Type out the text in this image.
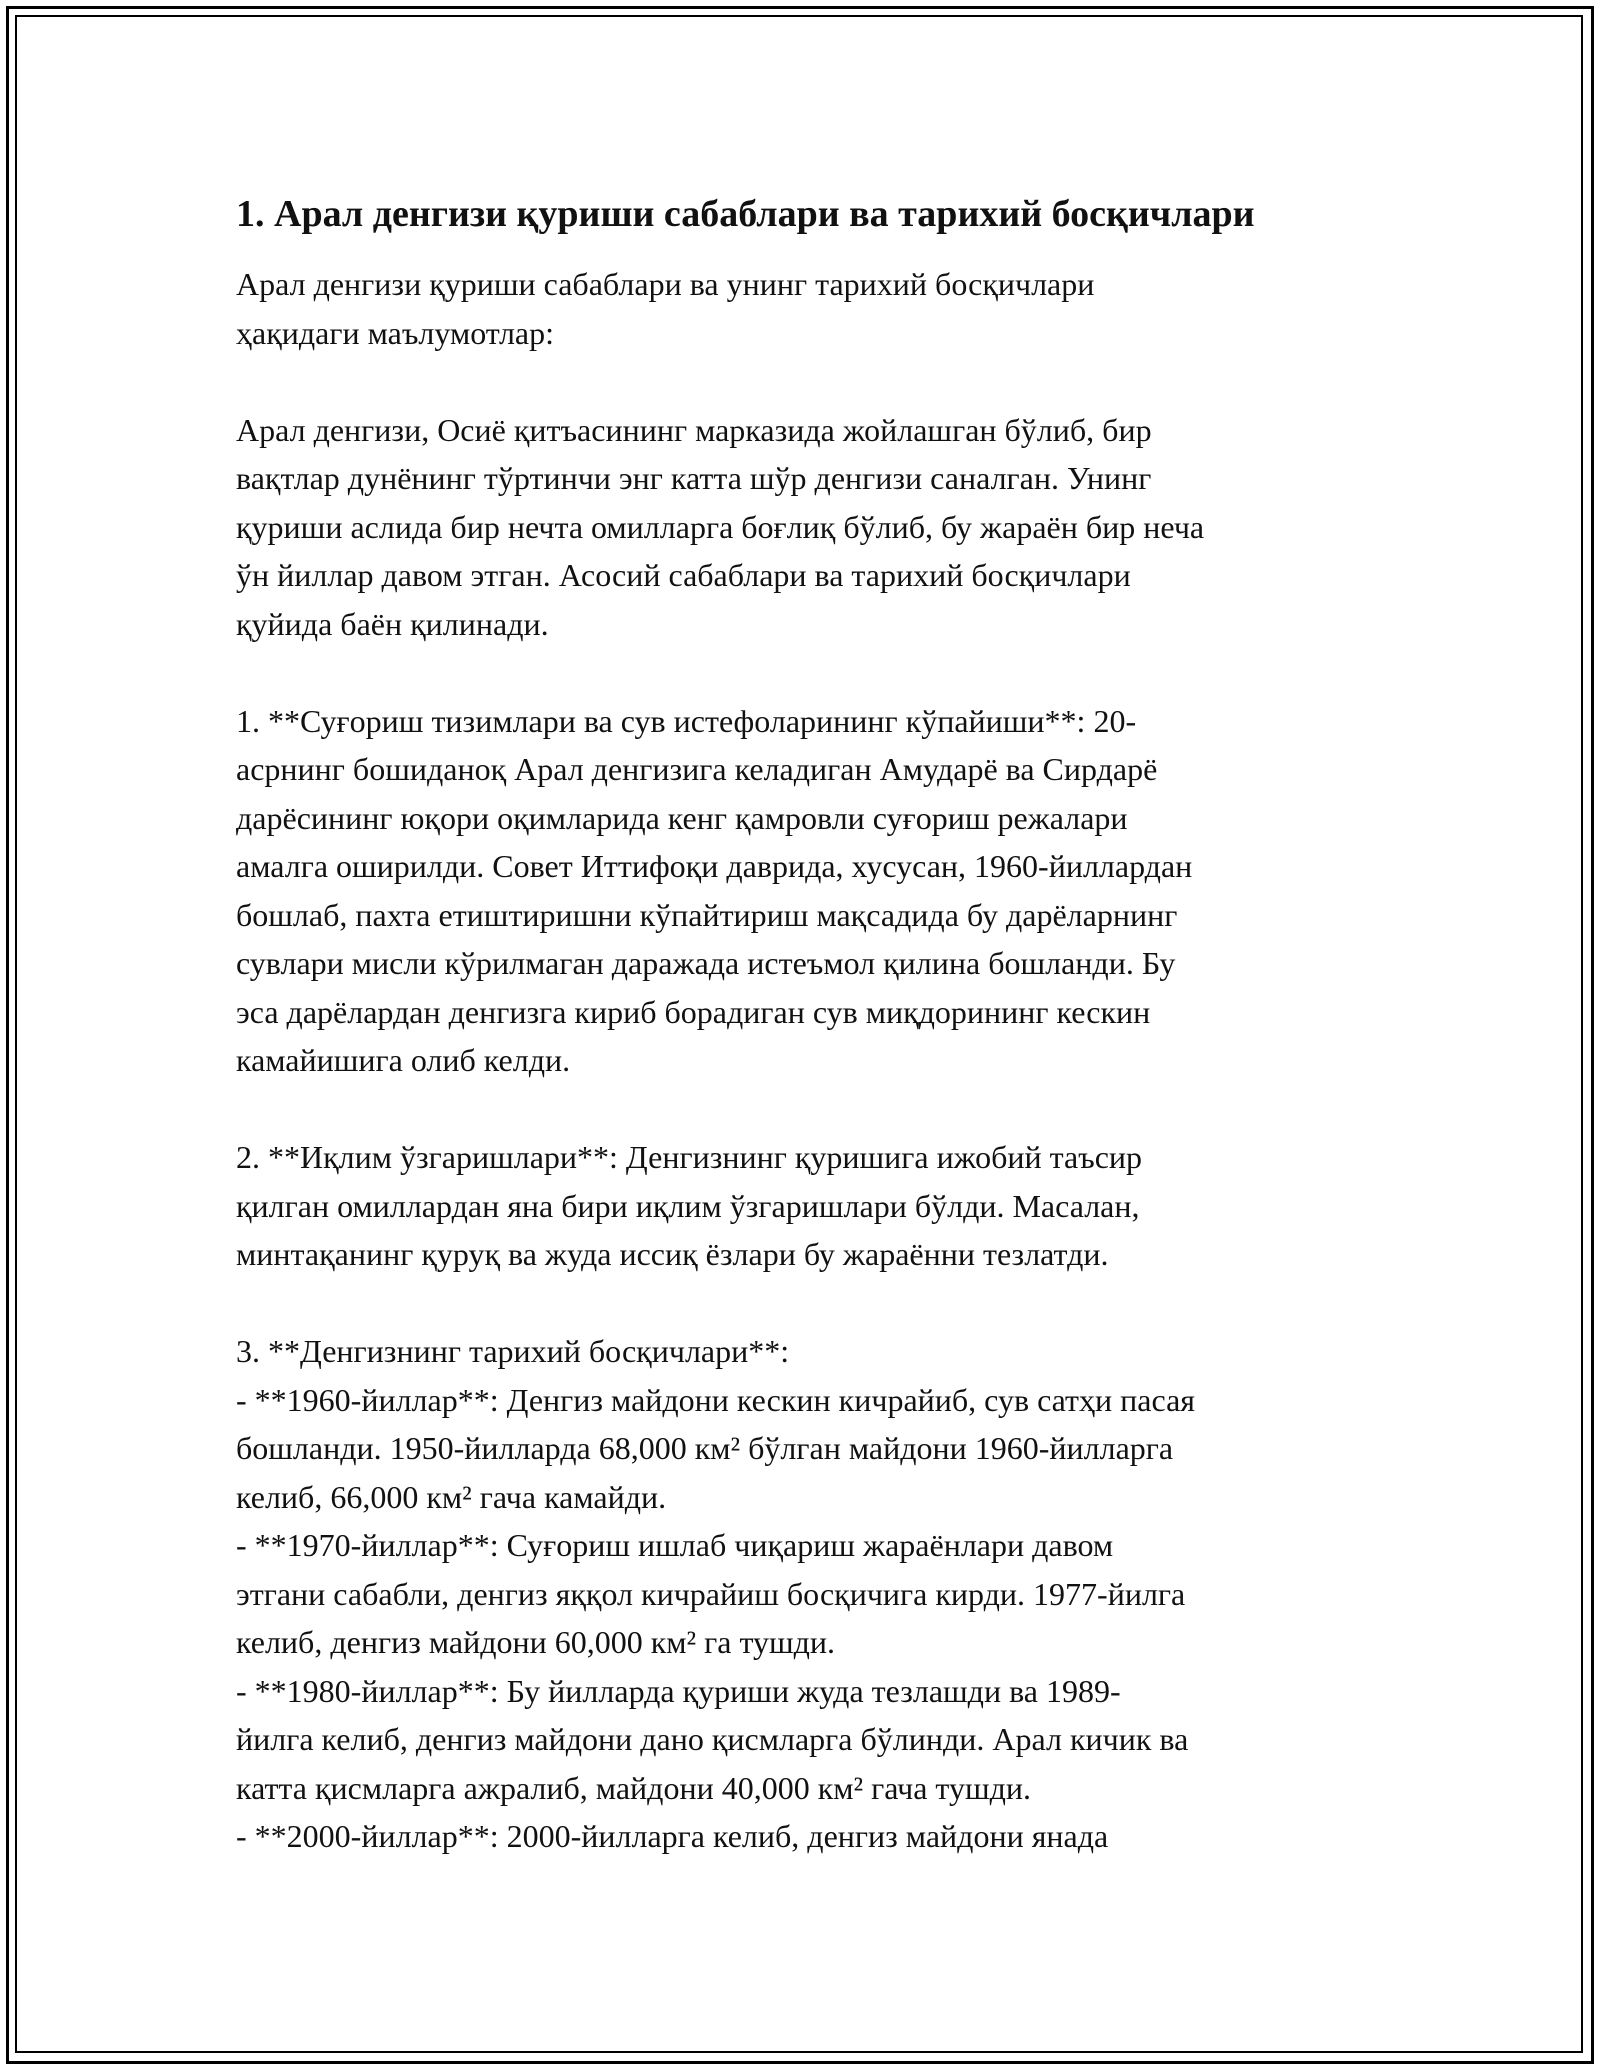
1. Арал денгизи қуриши сабаблари ва тарихий босқичлари

Арал денгизи қуриши сабаблари ва унинг тарихий босқичлари
ҳақидаги маълумотлар:

Арал денгизи, Осиё қитъасининг марказида жойлашган бўлиб, бир
вақтлар дунёнинг тўртинчи энг катта шўр денгизи саналган. Унинг
қуриши аслида бир нечта омилларга боғлиқ бўлиб, бу жараён бир неча
ўн йиллар давом этган. Асосий сабаблари ва тарихий босқичлари
қуйида баён қилинади.

1. **Суғориш тизимлари ва сув истефоларининг кўпайиши**: 20-
асрнинг бошиданоқ Арал денгизига келадиган Амударё ва Сирдарё
дарёсининг юқори оқимларида кенг қамровли суғориш режалари
амалга оширилди. Совет Иттифоқи даврида, хусусан, 1960-йиллардан
бошлаб, пахта етиштиришни кўпайтириш мақсадида бу дарёларнинг
сувлари мисли кўрилмаган даражада истеъмол қилина бошланди. Бу
эса дарёлардан денгизга кириб борадиган сув миқдорининг кескин
камайишига олиб келди.

2. **Иқлим ўзгаришлари**: Денгизнинг қуришига ижобий таъсир
қилган омиллардан яна бири иқлим ўзгаришлари бўлди. Масалан,
минтақанинг қуруқ ва жуда иссиқ ёзлари бу жараённи тезлатди.

3. **Денгизнинг тарихий босқичлари**:
- **1960-йиллар**: Денгиз майдони кескин кичрайиб, сув сатҳи пасая
бошланди. 1950-йилларда 68,000 км² бўлган майдони 1960-йилларга
келиб, 66,000 км² гача камайди.
- **1970-йиллар**: Суғориш ишлаб чиқариш жараёнлари давом
этгани сабабли, денгиз яққол кичрайиш босқичига кирди. 1977-йилга
келиб, денгиз майдони 60,000 км² га тушди.
- **1980-йиллар**: Бу йилларда қуриши жуда тезлашди ва 1989-
йилга келиб, денгиз майдони дано қисмларга бўлинди. Арал кичик ва
катта қисмларга ажралиб, майдони 40,000 км² гача тушди.
- **2000-йиллар**: 2000-йилларга келиб, денгиз майдони янада
